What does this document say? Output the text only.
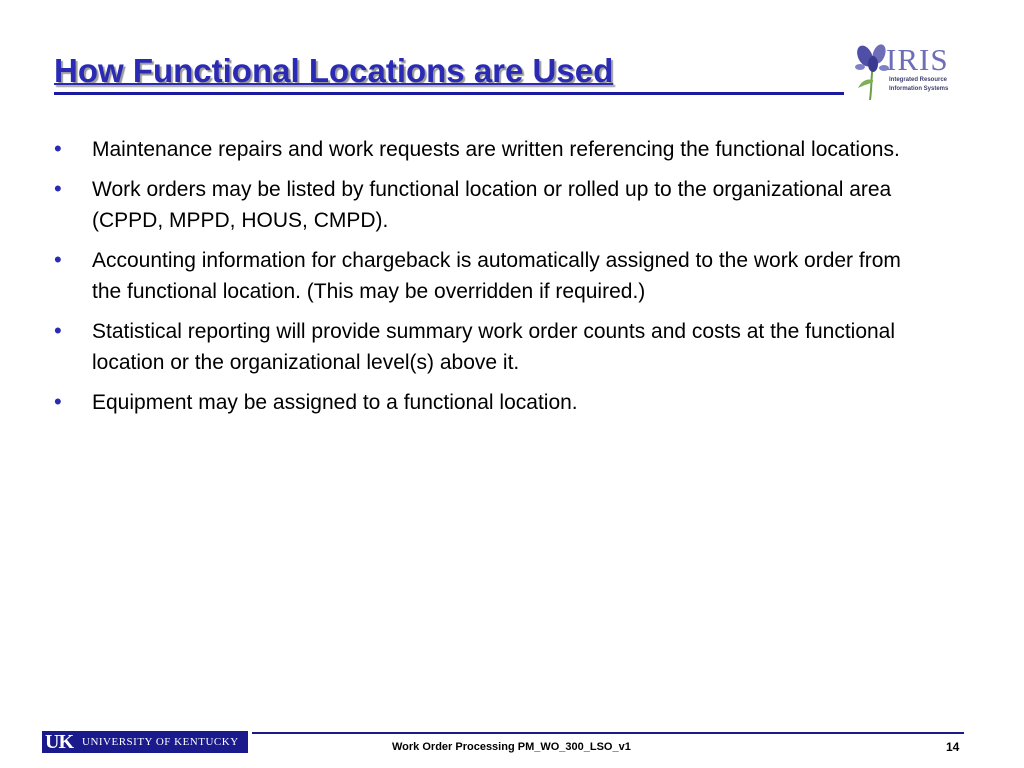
How Functional Locations are Used	IRIS
Integrated Resource
Information Systems
• Maintenance repairs and work requests are written referencing the functional locations.
• Work orders may be listed by functional location or rolled up to the organizational area (CPPD, MPPD, HOUS, CMPD).
• Accounting information for chargeback is automatically assigned to the work order from the functional location. (This may be overridden if required.)
• Statistical reporting will provide summary work order counts and costs at the functional location or the organizational level(s) above it.
• Equipment may be assigned to a functional location.
UK UNIVERSITY OF KENTUCKY	Work Order Processing PM_WO_300_LSO_v1	14
